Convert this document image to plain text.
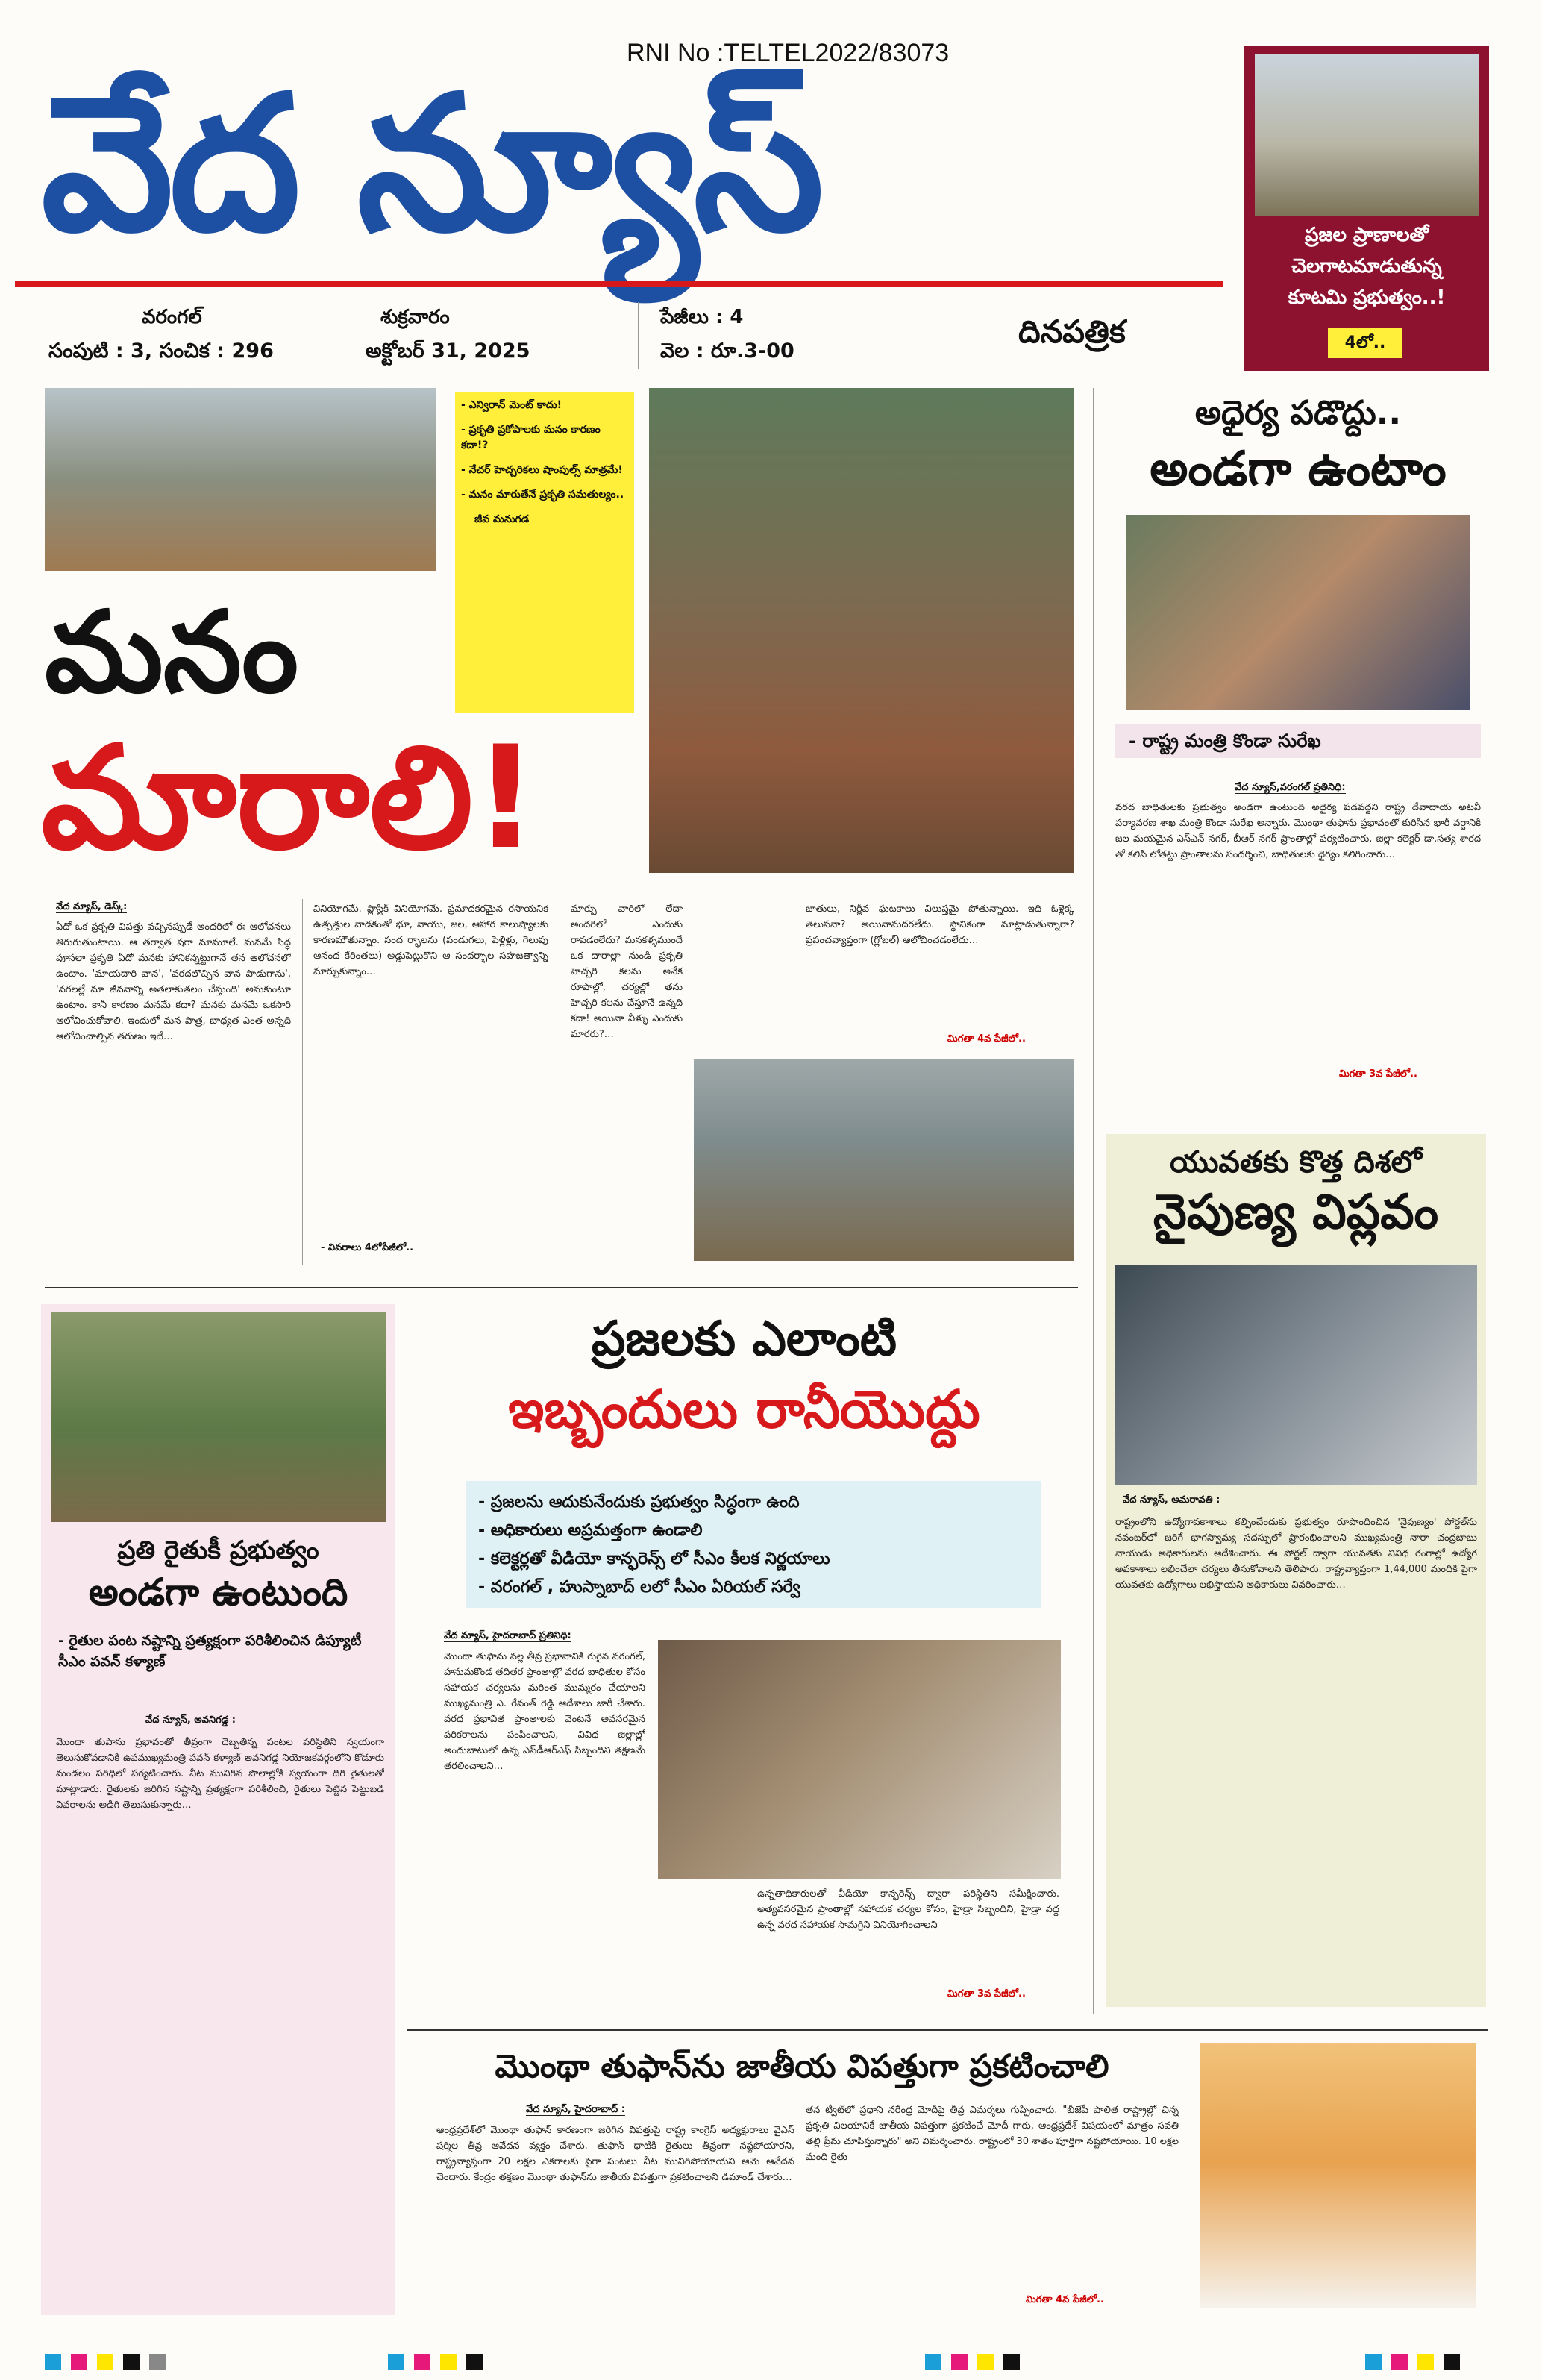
RNI No :TELTEL2022/83073
వేద న్యూస్
దినపత్రిక
వరంగల్
సంపుటి : 3, సంచిక : 296
శుక్రవారం
అక్టోబర్ 31, 2025
పేజీలు : 4
వెల : రూ.3-00
ప్రజల ప్రాణాలతో
చెలగాటమాడుతున్న
కూటమి ప్రభుత్వం..!
4లో..
- ఎన్విరాన్ మెంట్ కాదు!
- ప్రకృతి ప్రకోపాలకు మనం కారణం కదా!?
- నేచర్ హెచ్చరికలు షాంపుల్స్ మాత్రమే!
- మనం మారుతేనే ప్రకృతి సమతుల్యం..
జీవ మనుగడ
మనం
మారాలి!
వేద న్యూస్, డెస్క్:
ఏదో ఒక ప్రకృతి విపత్తు వచ్చినప్పుడే అందరిలో ఈ ఆలోచనలు తిరుగుతుంటాయి. ఆ తర్వాత షరా మామూలే. మనమే సిద్ధ పూసలా ప్రకృతి ఏదో మనకు హానికన్నట్టుగానే తన ఆలోచనలో ఉంటాం. 'మాయదారి వాన', 'వరదలొచ్చిన వాన పాడుగాను', 'వగలల్లే మా జీవనాన్ని అతలాకుతలం చేస్తుంది' అనుకుంటూ ఉంటాం. కానీ కారణం మనమే కదా? మనకు మనమే ఒకసారి ఆలోచించుకోవాలి. ఇందులో మన పాత్ర, బాధ్యత ఎంత అన్నది ఆలోచించాల్సిన తరుణం ఇదే…
వినియోగమే. ప్లాస్టిక్ వినియోగమే. ప్రమాదకరమైన రసాయనిక ఉత్పత్తుల వాడకంతో భూ, వాయు, జల, ఆహార కాలుష్యాలకు కారణమౌతున్నాం. సంద ర్భాలను (పండుగలు, పెళ్లిళ్లు, గెలుపు ఆనంద కేరింతలు) అడ్డుపెట్టుకొని ఆ సందర్భాల సహజత్వాన్ని మార్చుకున్నాం…
- వివరాలు 4లోపేజీలో..
మార్పు వారిలో లేదా అందరిలో ఎందుకు రావడంలేదు? మనకళ్ళముందే ఒక దారాల్లా నుండి ప్రకృతి హెచ్చరి కలను అనేక రూపాల్లో, చర్యల్లో తను హెచ్చరి కలను చేస్తూనే ఉన్నది కదా! అయినా వీళ్ళు ఎందుకు మారరు?…
జాతులు, నిర్జీవ ఘటకాలు విలుప్తమై పోతున్నాయి. ఇది ఓళ్లెక్క తెలుసనా? అయినామదరలేదు. స్థానికంగా మాట్లాడుతున్నారా? ప్రపంచవ్యాప్తంగా (గ్లోబల్) ఆలోచించడంలేదు…
మిగతా 4వ పేజీలో..
అధైర్య పడొద్దు..
అండగా ఉంటాం
- రాష్ట్ర మంత్రి కొండా సురేఖ
వేద న్యూస్,వరంగల్ ప్రతినిధి:
వరద బాధితులకు ప్రభుత్వం అండగా ఉంటుంది అధైర్య పడవద్దని రాష్ట్ర దేవాదాయ అటవీ పర్యావరణ శాఖ మంత్రి కొండా సురేఖ అన్నారు. మొంథా తుఫాను ప్రభావంతో కురిసిన భారీ వర్షానికి జల మయమైన ఎస్ఎన్ నగర్, బీఆర్ నగర్ ప్రాంతాల్లో పర్యటించారు. జిల్లా కలెక్టర్ డా.సత్య శారద తో కలిసి లోతట్టు ప్రాంతాలను సందర్శించి, బాధితులకు ధైర్యం కలిగించారు…
మిగతా 3వ పేజీలో..
యువతకు కొత్త దిశలో
నైపుణ్య విప్లవం
వేద న్యూస్, అమరావతి :
రాష్ట్రంలోని ఉద్యోగావకాశాలు కల్పించేందుకు ప్రభుత్వం రూపొందించిన 'నైపుణ్యం' పోర్టల్‌ను నవంబర్‌లో జరిగే భాగస్వామ్య సదస్సులో ప్రారంభించాలని ముఖ్యమంత్రి నారా చంద్రబాబు నాయుడు అధికారులను ఆదేశించారు. ఈ పోర్టల్ ద్వారా యువతకు వివిధ రంగాల్లో ఉద్యోగ అవకాశాలు లభించేలా చర్యలు తీసుకోవాలని తెలిపారు. రాష్ట్రవ్యాప్తంగా 1,44,000 మందికి పైగా యువతకు ఉద్యోగాలు లభిస్తాయని అధికారులు వివరించారు…
ప్రతి రైతుకీ ప్రభుత్వం
అండగా ఉంటుంది
- రైతుల పంట నష్టాన్ని ప్రత్యక్షంగా పరిశీలించిన డిప్యూటీ సీఎం పవన్ కళ్యాణ్
వేద న్యూస్, అవనిగడ్డ :
మొంథా తుపాను ప్రభావంతో తీవ్రంగా దెబ్బతిన్న పంటల పరిస్థితిని స్వయంగా తెలుసుకోవడానికి ఉపముఖ్యమంత్రి పవన్ కళ్యాణ్ అవనిగడ్డ నియోజకవర్గంలోని కోడూరు మండలం పరిధిలో పర్యటించారు. నీట మునిగిన పొలాల్లోకి స్వయంగా దిగి రైతులతో మాట్లాడారు. రైతులకు జరిగిన నష్టాన్ని ప్రత్యక్షంగా పరిశీలించి, రైతులు పెట్టిన పెట్టుబడి వివరాలను అడిగి తెలుసుకున్నారు…
ప్రజలకు ఎలాంటి
ఇబ్బందులు రానీయొద్దు
- ప్రజలను ఆదుకునేందుకు ప్రభుత్వం సిద్ధంగా ఉంది
- అధికారులు అప్రమత్తంగా ఉండాలి
- కలెక్టర్లతో వీడియో కాన్ఫరెన్స్ లో సీఎం కీలక నిర్ణయాలు
- వరంగల్ , హుస్నాబాద్ లలో సీఎం ఏరియల్ సర్వే
వేద న్యూస్, హైదరాబాద్ ప్రతినిధి:
మొంథా తుఫాను వల్ల తీవ్ర ప్రభావానికి గురైన వరంగల్, హనుమకొండ తదితర ప్రాంతాల్లో వరద బాధితుల కోసం సహాయక చర్యలను మరింత ముమ్మరం చేయాలని ముఖ్యమంత్రి ఎ. రేవంత్ రెడ్డి ఆదేశాలు జారీ చేశారు. వరద ప్రభావిత ప్రాంతాలకు వెంటనే అవసరమైన పరికరాలను పంపించాలని, వివిధ జిల్లాల్లో అందుబాటులో ఉన్న ఎస్‌డీఆర్‌ఎఫ్ సిబ్బందిని తక్షణమే తరలించాలని…
ఉన్నతాధికారులతో వీడియో కాన్ఫరెన్స్ ద్వారా పరిస్థితిని సమీక్షించారు. అత్యవసరమైన ప్రాంతాల్లో సహాయక చర్యల కోసం, హైడ్రా సిబ్బందిని, హైడ్రా వద్ద ఉన్న వరద సహాయక సామగ్రిని వినియోగించాలని
మిగతా 3వ పేజీలో..
మొంథా తుఫాన్‌ను జాతీయ విపత్తుగా ప్రకటించాలి
వేద న్యూస్, హైదరాబాద్ :
ఆంధ్రప్రదేశ్‌లో మొంథా తుఫాన్ కారణంగా జరిగిన విపత్తుపై రాష్ట్ర కాంగ్రెస్ అధ్యక్షురాలు వైఎస్ షర్మిల తీవ్ర ఆవేదన వ్యక్తం చేశారు. తుఫాన్ ధాటికి రైతులు తీవ్రంగా నష్టపోయారని, రాష్ట్రవ్యాప్తంగా 20 లక్షల ఎకరాలకు పైగా పంటలు నీట మునిగిపోయాయని ఆమె ఆవేదన చెందారు. కేంద్రం తక్షణం మొంథా తుఫాన్‌ను జాతీయ విపత్తుగా ప్రకటించాలని డిమాండ్ చేశారు…
తన ట్వీట్‌లో ప్రధాని నరేంద్ర మోదీపై తీవ్ర విమర్శలు గుప్పించారు. "బీజేపీ పాలిత రాష్ట్రాల్లో చిన్న ప్రకృతి విలయానికే జాతీయ విపత్తుగా ప్రకటించే మోదీ గారు, ఆంధ్రప్రదేశ్ విషయంలో మాత్రం సవతి తల్లి ప్రేమ చూపిస్తున్నారు" అని విమర్శించారు. రాష్ట్రంలో 30 శాతం పూర్తిగా నష్టపోయాయి. 10 లక్షల మంది రైతు
మిగతా 4వ పేజీలో..
